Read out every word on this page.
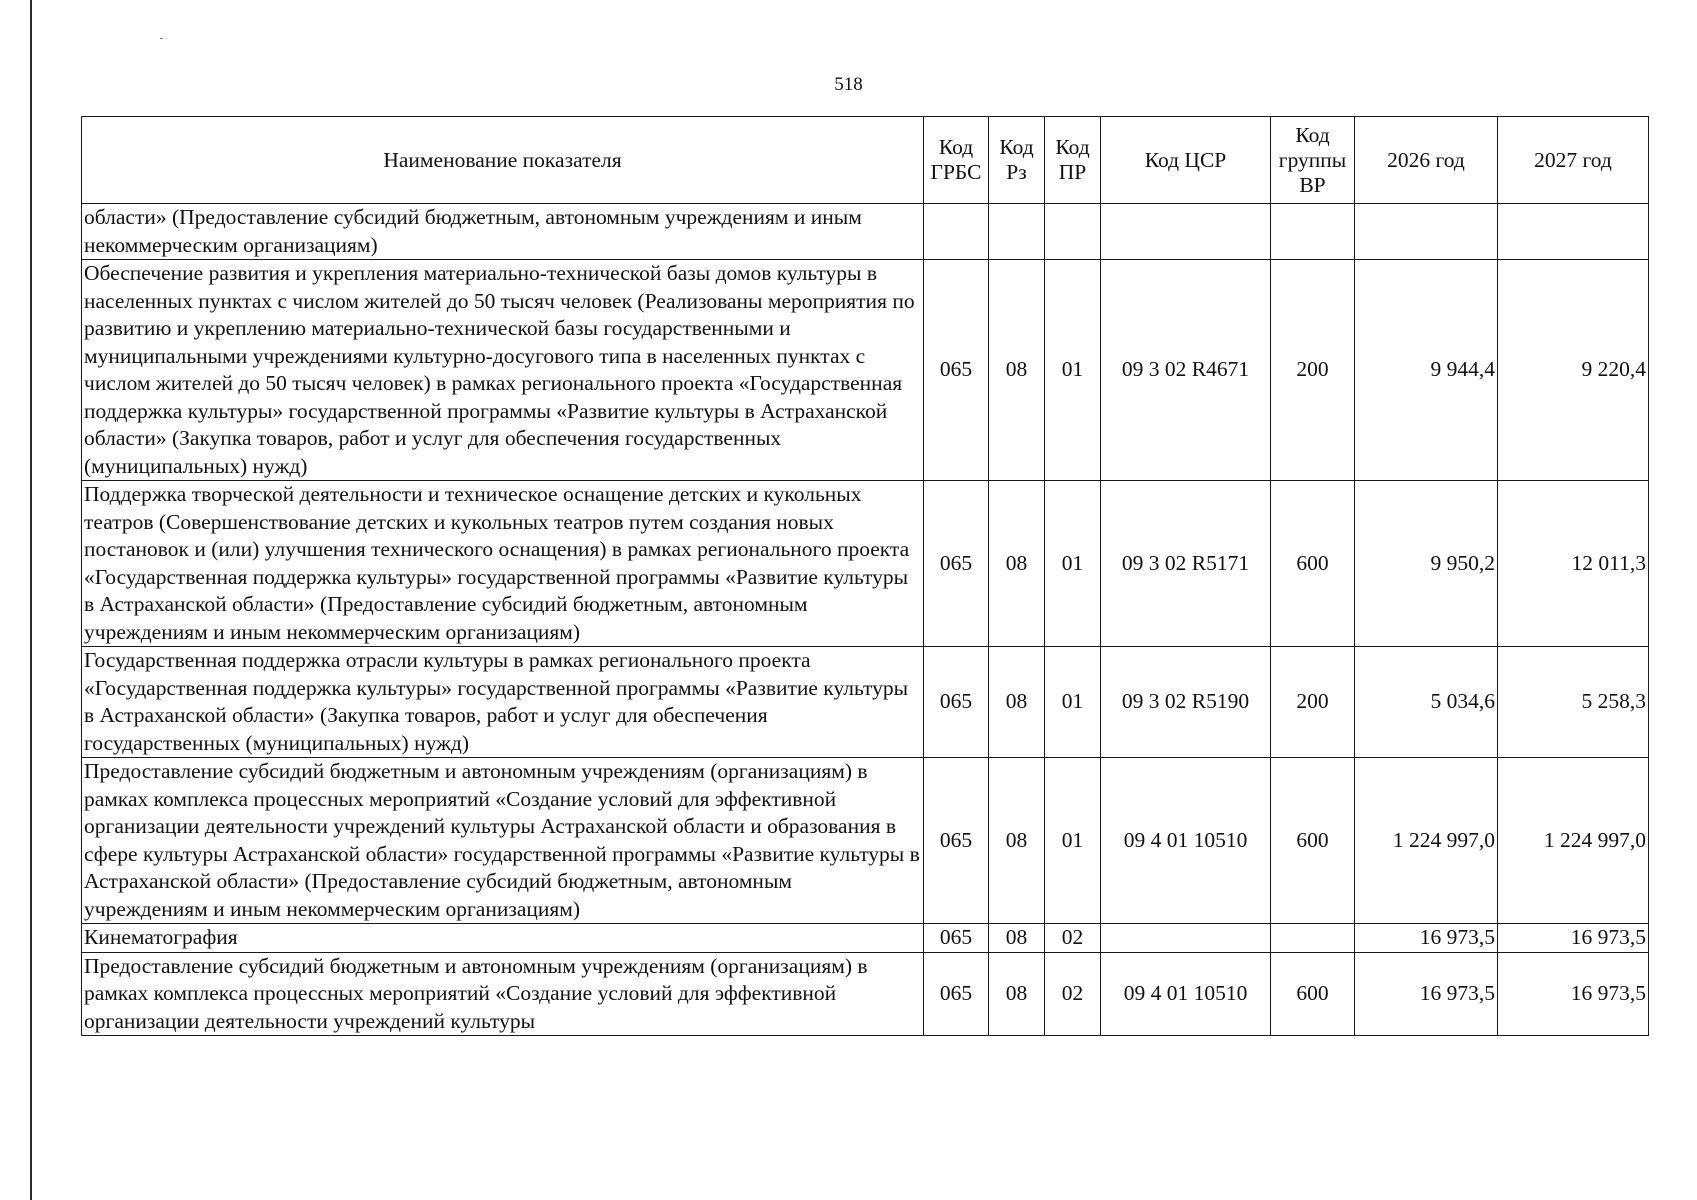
518
Наименование показателя	Код ГРБС	Код Рз	Код ПР	Код ЦСР	Код группы ВР	2026 год	2027 год
области» (Предоставление субсидий бюджетным, автономным учреждениям и иным некоммерческим организациям)							
Обеспечение развития и укрепления материально-технической базы домов культуры в населенных пунктах с числом жителей до 50 тысяч человек (Реализованы мероприятия по развитию и укреплению материально-технической базы государственными и муниципальными учреждениями культурно-досугового типа в населенных пунктах с числом жителей до 50 тысяч человек) в рамках регионального проекта «Государственная поддержка культуры» государственной программы «Развитие культуры в Астраханской области» (Закупка товаров, работ и услуг для обеспечения государственных (муниципальных) нужд)	065	08	01	09 3 02 R4671	200	9 944,4	9 220,4
Поддержка творческой деятельности и техническое оснащение детских и кукольных театров (Совершенствование детских и кукольных театров путем создания новых постановок и (или) улучшения технического оснащения) в рамках регионального проекта «Государственная поддержка культуры» государственной программы «Развитие культуры в Астраханской области» (Предоставление субсидий бюджетным, автономным учреждениям и иным некоммерческим организациям)	065	08	01	09 3 02 R5171	600	9 950,2	12 011,3
Государственная поддержка отрасли культуры в рамках регионального проекта «Государственная поддержка культуры» государственной программы «Развитие культуры в Астраханской области» (Закупка товаров, работ и услуг для обеспечения государственных (муниципальных) нужд)	065	08	01	09 3 02 R5190	200	5 034,6	5 258,3
Предоставление субсидий бюджетным и автономным учреждениям (организациям) в рамках комплекса процессных мероприятий «Создание условий для эффективной организации деятельности учреждений культуры Астраханской области и образования в сфере культуры Астраханской области» государственной программы «Развитие культуры в Астраханской области» (Предоставление субсидий бюджетным, автономным учреждениям и иным некоммерческим организациям)	065	08	01	09 4 01 10510	600	1 224 997,0	1 224 997,0
Кинематография	065	08	02			16 973,5	16 973,5
Предоставление субсидий бюджетным и автономным учреждениям (организациям) в рамках комплекса процессных мероприятий «Создание условий для эффективной организации деятельности учреждений культуры	065	08	02	09 4 01 10510	600	16 973,5	16 973,5
